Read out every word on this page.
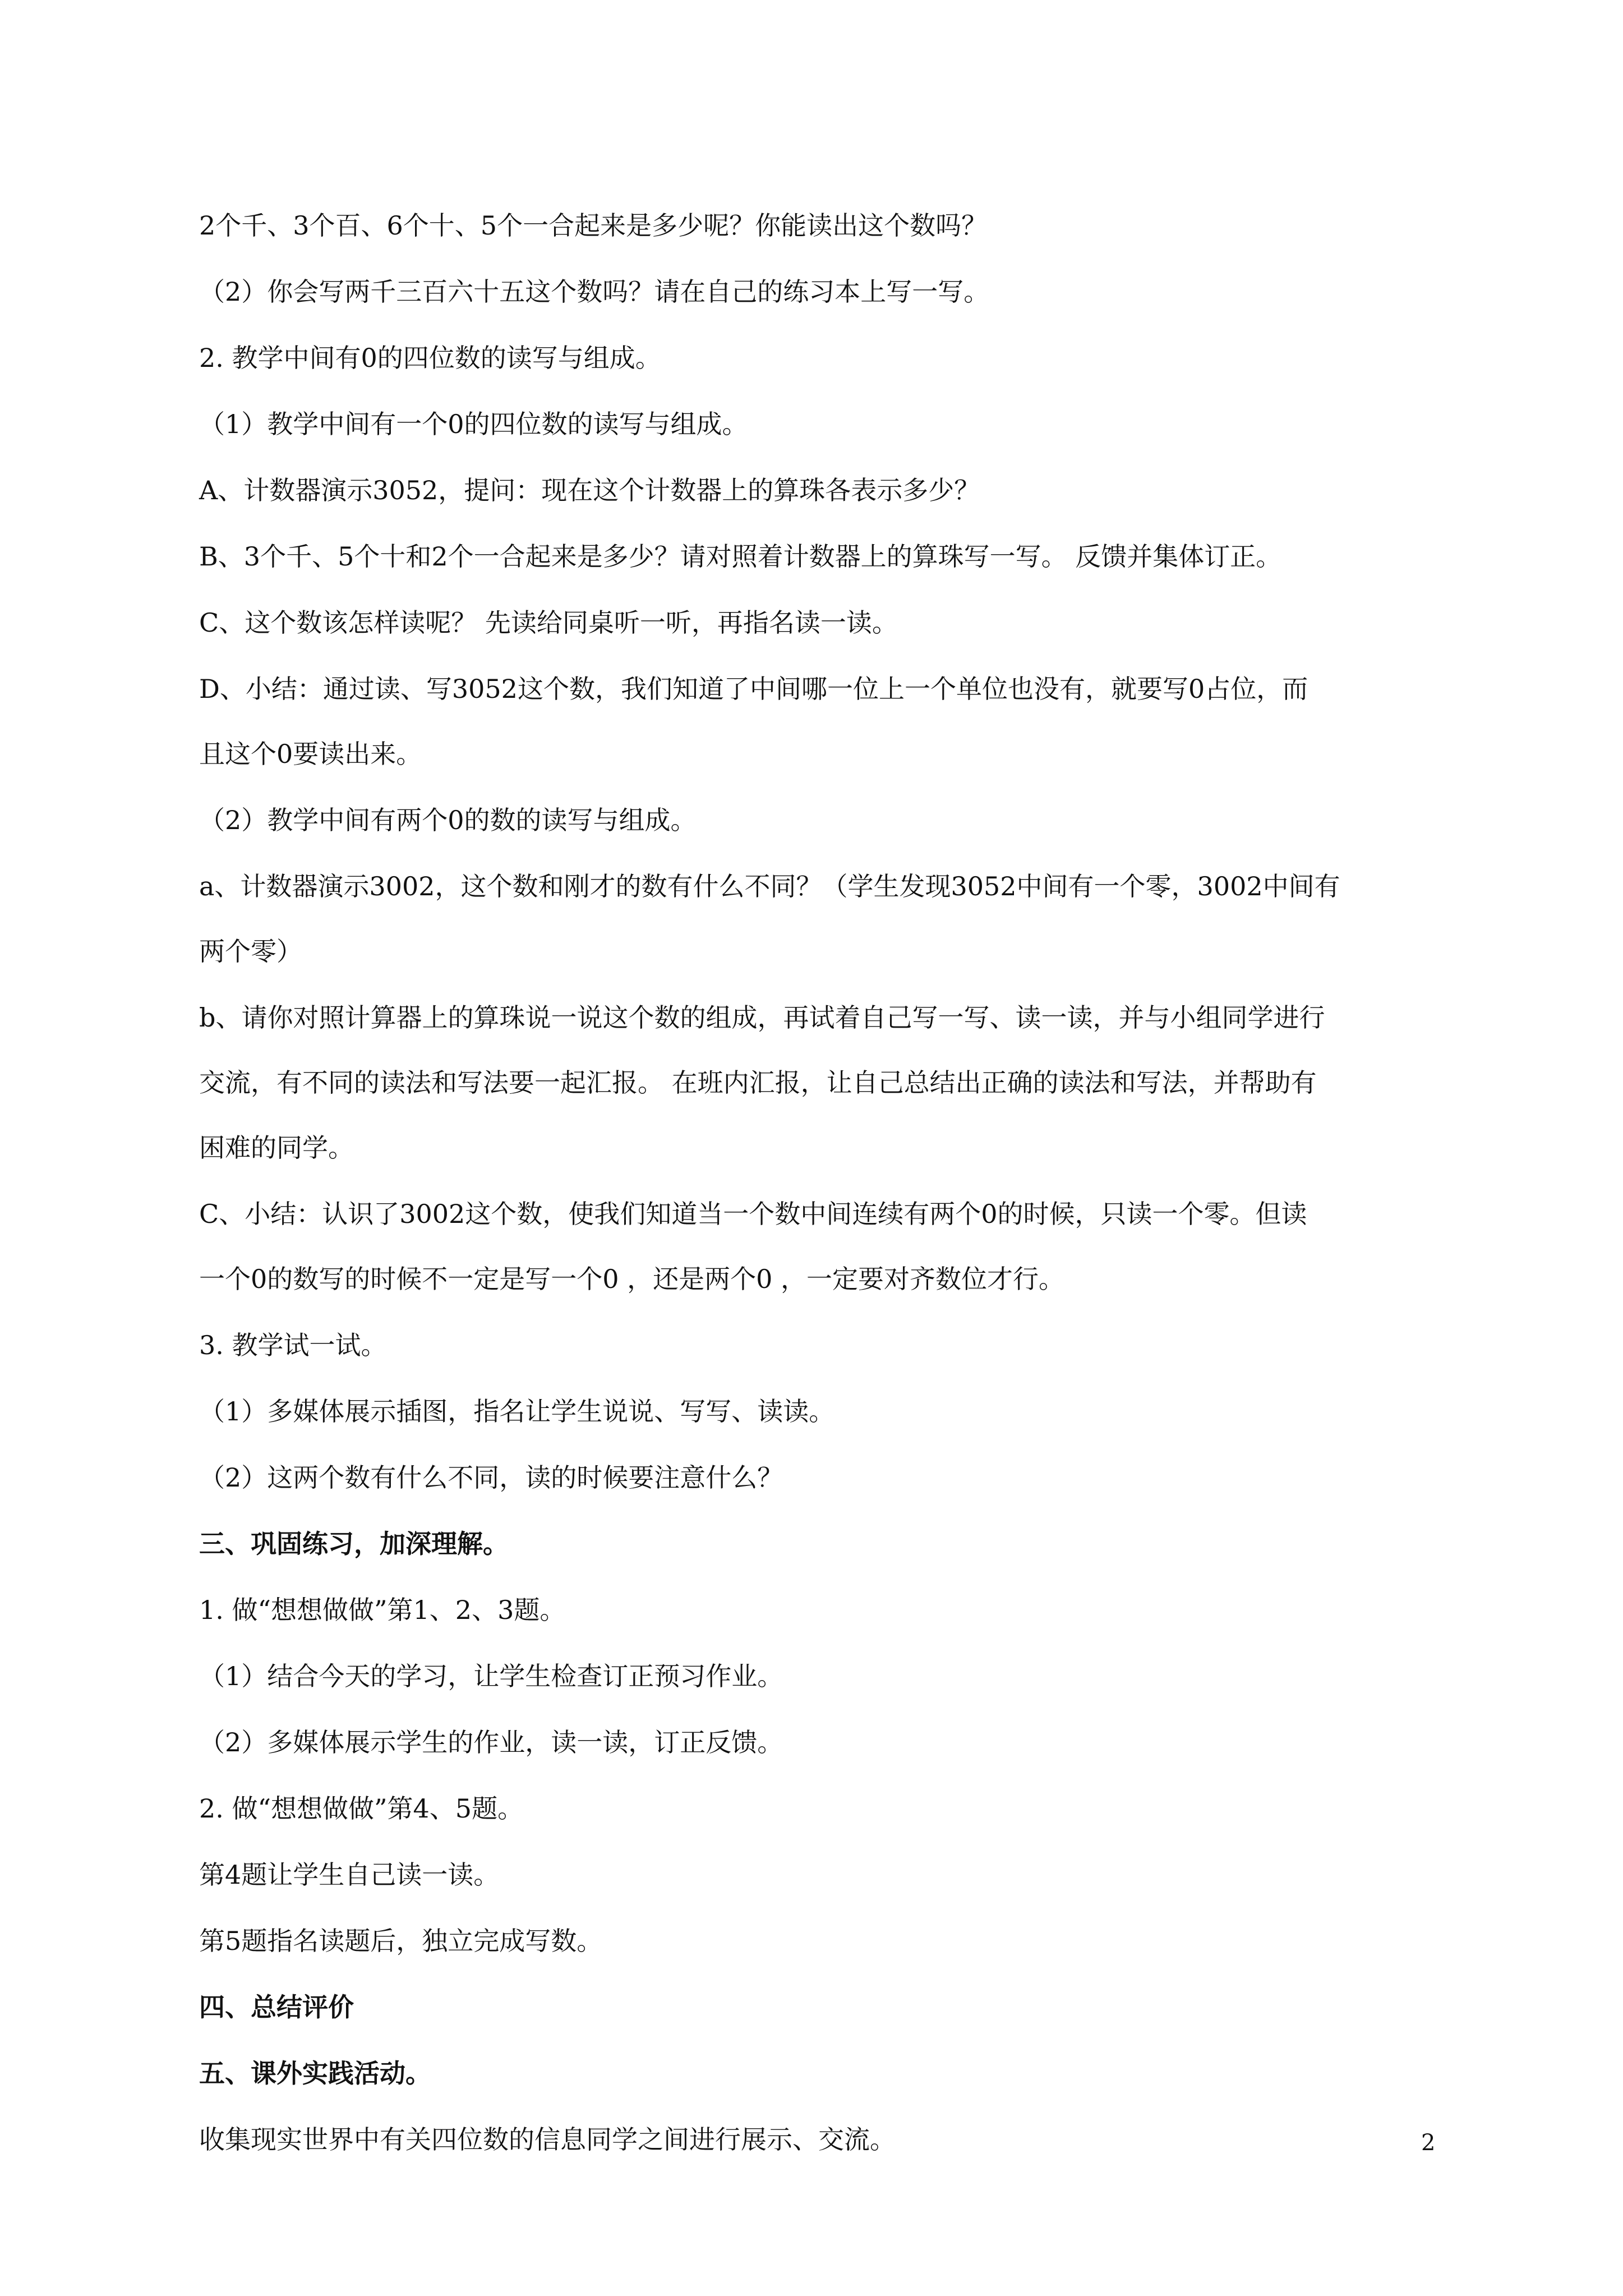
2个千、3个百、6个十、5个一合起来是多少呢？你能读出这个数吗？

（2）你会写两千三百六十五这个数吗？请在自己的练习本上写一写。

2. 教学中间有0的四位数的读写与组成。

（1）教学中间有一个0的四位数的读写与组成。

A、计数器演示3052，提问：现在这个计数器上的算珠各表示多少？

B、3个千、5个十和2个一合起来是多少？请对照着计数器上的算珠写一写。 反馈并集体订正。

C、这个数该怎样读呢？ 先读给同桌听一听，再指名读一读。

D、小结：通过读、写3052这个数，我们知道了中间哪一位上一个单位也没有，就要写0占位，而

且这个0要读出来。

（2）教学中间有两个0的数的读写与组成。

a、计数器演示3002，这个数和刚才的数有什么不同？（学生发现3052中间有一个零，3002中间有

两个零）

b、请你对照计算器上的算珠说一说这个数的组成，再试着自己写一写、读一读，并与小组同学进行

交流，有不同的读法和写法要一起汇报。 在班内汇报，让自己总结出正确的读法和写法，并帮助有

困难的同学。

C、小结：认识了3002这个数，使我们知道当一个数中间连续有两个0的时候，只读一个零。但读

一个0的数写的时候不一定是写一个0 ，还是两个0 ，一定要对齐数位才行。

3. 教学试一试。

（1）多媒体展示插图，指名让学生说说、写写、读读。

（2）这两个数有什么不同，读的时候要注意什么？

三、巩固练习，加深理解。

1. 做“想想做做”第1、2、3题。

（1）结合今天的学习，让学生检查订正预习作业。

（2）多媒体展示学生的作业，读一读，订正反馈。

2. 做“想想做做”第4、5题。

第4题让学生自己读一读。

第5题指名读题后，独立完成写数。

四、总结评价

五、课外实践活动。

收集现实世界中有关四位数的信息同学之间进行展示、交流。	2
